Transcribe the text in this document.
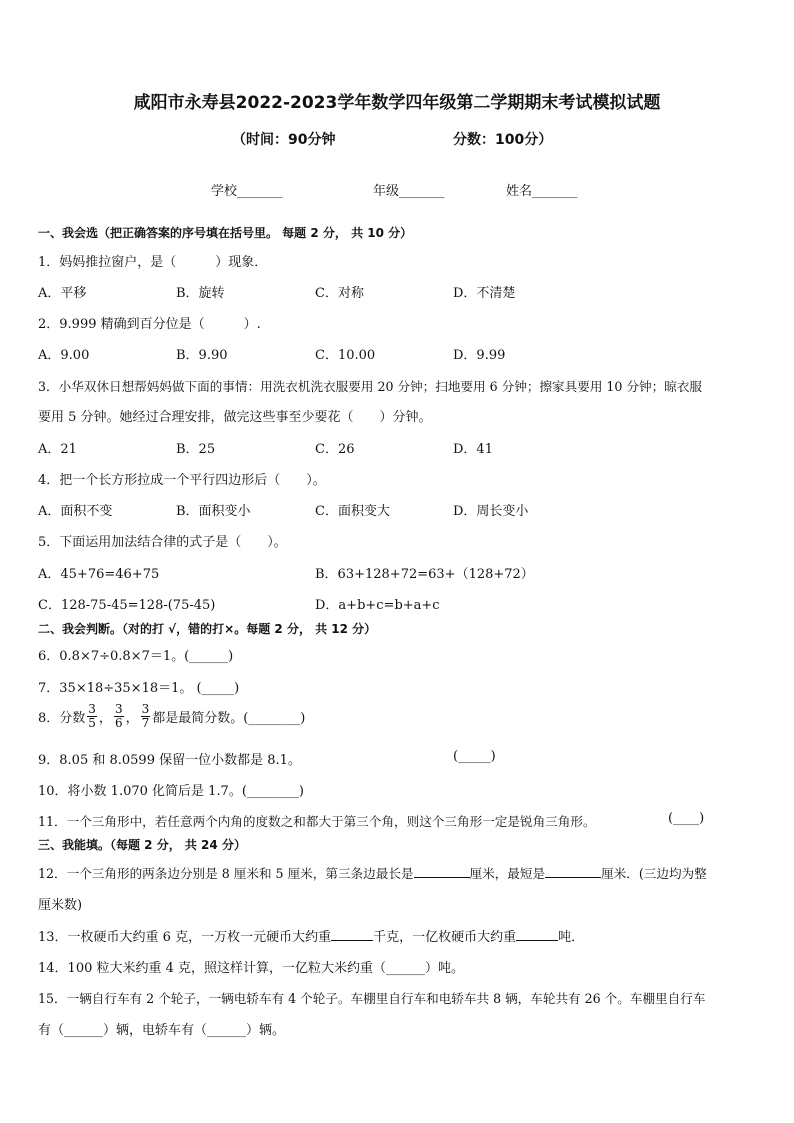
咸阳市永寿县2022-2023学年数学四年级第二学期期末考试模拟试题
（时间：90分钟	分数：100分）
学校_______	年级_______	姓名_______
一、我会选（把正确答案的序号填在括号里。 每题 2 分， 共 10 分）
1．妈妈推拉窗户，是（　　　）现象．
A．平移	B．旋转	C．对称	D．不清楚
2．9.999 精确到百分位是（　　　）.
A．9.00	B．9.90	C．10.00	D．9.99
3．小华双休日想帮妈妈做下面的事情：用洗衣机洗衣服要用 20 分钟；扫地要用 6 分钟；擦家具要用 10 分钟；晾衣服
要用 5 分钟。她经过合理安排，做完这些事至少要花（　　）分钟。
A．21	B．25	C．26	D．41
4．把一个长方形拉成一个平行四边形后（　　）。
A．面积不变	B．面积变小	C．面积变大	D．周长变小
5．下面运用加法结合律的式子是（　　）。
A．45+76=46+75	B．63+128+72=63+（128+72）
C．128-75-45=128-(75-45)	D．a+b+c=b+a+c
二、我会判断。（对的打 √，错的打×。每题 2 分， 共 12 分）
6．0.8×7÷0.8×7＝1。(______)
7．35×18÷35×18＝1。 (_____)
8．分数 $\frac{3}{5}$ ， $\frac{3}{6}$ ， $\frac{3}{7}$ 都是最简分数。(________)
9．8.05 和 8.0599 保留一位小数都是 8.1。	(_____)
10．将小数 1.070 化简后是 1.7。(________)
11．一个三角形中，若任意两个内角的度数之和都大于第三个角，则这个三角形一定是锐角三角形。	(____)
三、我能填。（每题 2 分， 共 24 分）
12．一个三角形的两条边分别是 8 厘米和 5 厘米，第三条边最长是	厘米，最短是	厘米．(三边均为整
厘米数)
13．一枚硬币大约重 6 克，一万枚一元硬币大约重	千克，一亿枚硬币大约重	吨．
14．100 粒大米约重 4 克，照这样计算，一亿粒大米约重（______）吨。
15．一辆自行车有 2 个轮子，一辆电轿车有 4 个轮子。车棚里自行车和电轿车共 8 辆，车轮共有 26 个。车棚里自行车
有（______）辆，电轿车有（______）辆。
